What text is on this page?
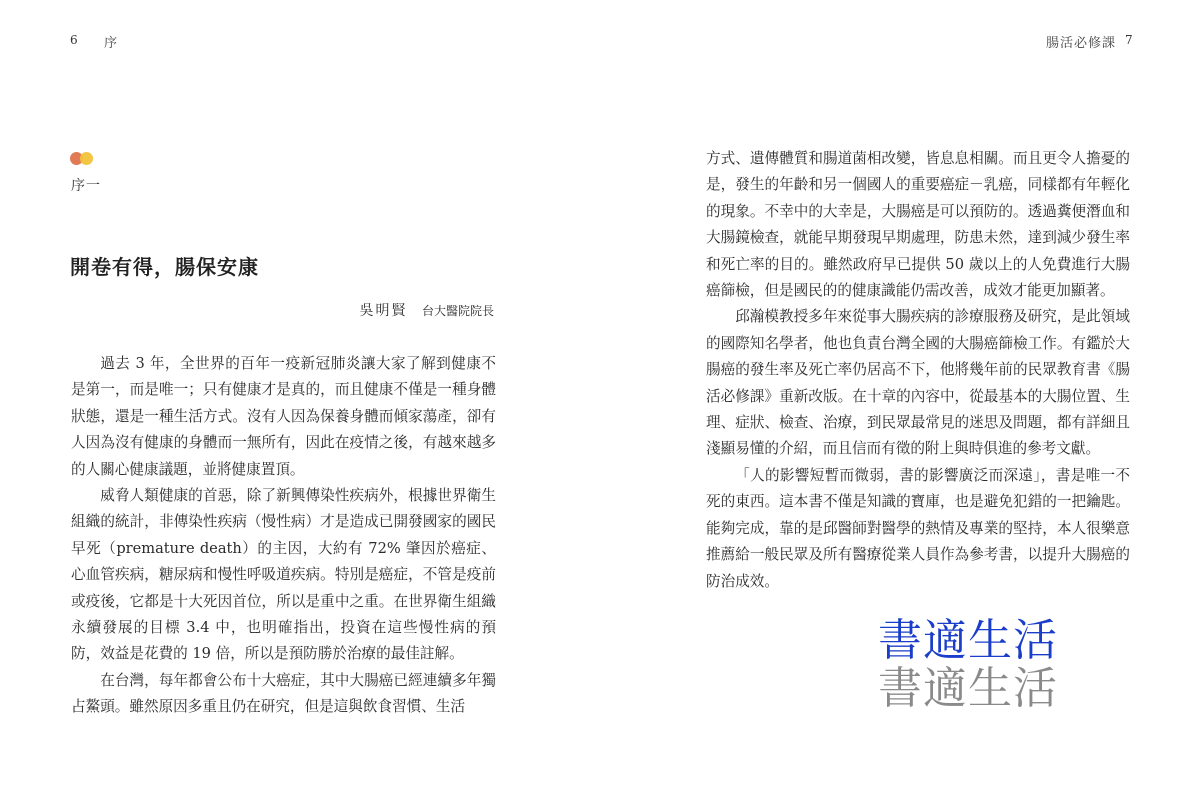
6 序
序一
開卷有得，腸保安康
吳明賢 台大醫院院長

過去 3 年，全世界的百年一疫新冠肺炎讓大家了解到健康不是第一，而是唯一；只有健康才是真的，而且健康不僅是一種身體狀態，還是一種生活方式。沒有人因為保養身體而傾家蕩產，卻有人因為沒有健康的身體而一無所有，因此在疫情之後，有越來越多的人關心健康議題，並將健康置頂。

威脅人類健康的首惡，除了新興傳染性疾病外，根據世界衛生組織的統計，非傳染性疾病（慢性病）才是造成已開發國家的國民早死（premature death）的主因，大約有 72% 肇因於癌症、心血管疾病，糖尿病和慢性呼吸道疾病。特別是癌症，不管是疫前或疫後，它都是十大死因首位，所以是重中之重。在世界衛生組織永續發展的目標 3.4 中，也明確指出，投資在這些慢性病的預防，效益是花費的 19 倍，所以是預防勝於治療的最佳註解。

在台灣，每年都會公布十大癌症，其中大腸癌已經連續多年獨占鰲頭。雖然原因多重且仍在研究，但是這與飲食習慣、生活

腸活必修課 7

方式、遺傳體質和腸道菌相改變，皆息息相關。而且更令人擔憂的是，發生的年齡和另一個國人的重要癌症－乳癌，同樣都有年輕化的現象。不幸中的大幸是，大腸癌是可以預防的。透過糞便潛血和大腸鏡檢查，就能早期發現早期處理，防患未然，達到減少發生率和死亡率的目的。雖然政府早已提供 50 歲以上的人免費進行大腸癌篩檢，但是國民的的健康識能仍需改善，成效才能更加顯著。

邱瀚模教授多年來從事大腸疾病的診療服務及研究，是此領域的國際知名學者，他也負責台灣全國的大腸癌篩檢工作。有鑑於大腸癌的發生率及死亡率仍居高不下，他將幾年前的民眾教育書《腸活必修課》重新改版。在十章的內容中，從最基本的大腸位置、生理、症狀、檢查、治療，到民眾最常見的迷思及問題，都有詳細且淺顯易懂的介紹，而且信而有徵的附上與時俱進的參考文獻。

「人的影響短暫而微弱，書的影響廣泛而深遠」，書是唯一不死的東西。這本書不僅是知識的寶庫，也是避免犯錯的一把鑰匙。能夠完成，靠的是邱醫師對醫學的熱情及專業的堅持，本人很樂意推薦給一般民眾及所有醫療從業人員作為參考書，以提升大腸癌的防治成效。

書適生活
書適生活
